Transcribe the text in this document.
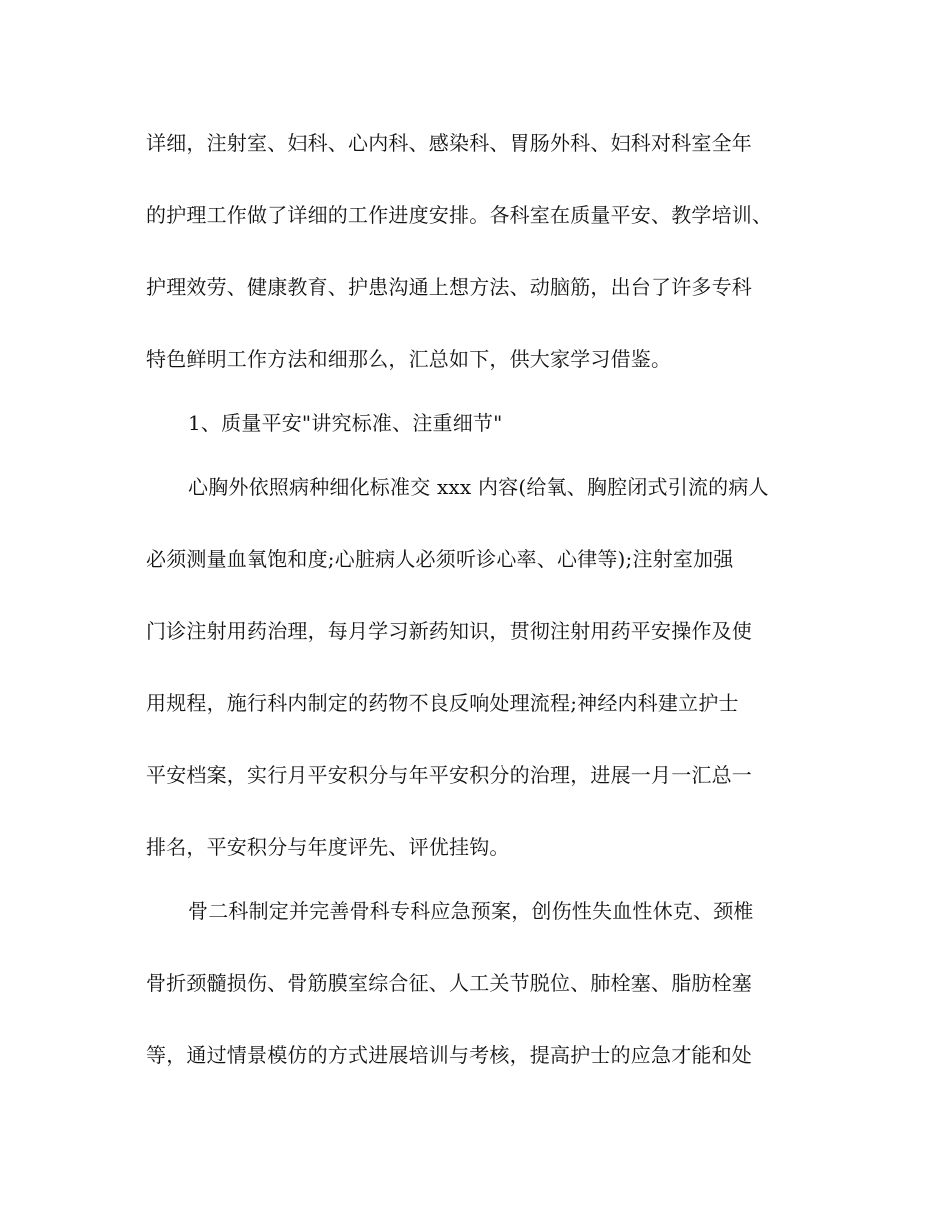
详细，注射室、妇科、心内科、感染科、胃肠外科、妇科对科室全年

的护理工作做了详细的工作进度安排。各科室在质量平安、教学培训、

护理效劳、健康教育、护患沟通上想方法、动脑筋，出台了许多专科

特色鲜明工作方法和细那么，汇总如下，供大家学习借鉴。

1、质量平安"讲究标准、注重细节"

心胸外依照病种细化标准交 xxx 内容(给氧、胸腔闭式引流的病人

必须测量血氧饱和度;心脏病人必须听诊心率、心律等);注射室加强

门诊注射用药治理，每月学习新药知识，贯彻注射用药平安操作及使

用规程，施行科内制定的药物不良反响处理流程;神经内科建立护士

平安档案，实行月平安积分与年平安积分的治理，进展一月一汇总一

排名，平安积分与年度评先、评优挂钩。

骨二科制定并完善骨科专科应急预案，创伤性失血性休克、颈椎

骨折颈髓损伤、骨筋膜室综合征、人工关节脱位、肺栓塞、脂肪栓塞

等，通过情景模仿的方式进展培训与考核，提高护士的应急才能和处
